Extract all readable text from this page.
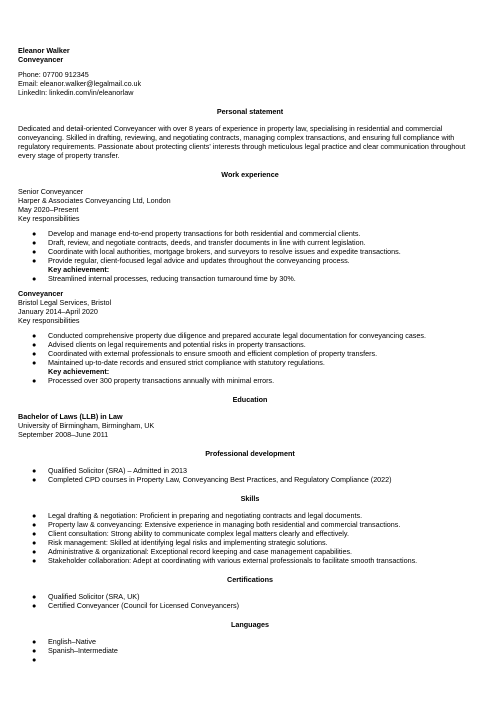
Eleanor Walker
Conveyancer
Phone: 07700 912345
Email: eleanor.walker@legalmail.co.uk
LinkedIn: linkedin.com/in/eleanorlaw
Personal statement
Dedicated and detail-oriented Conveyancer with over 8 years of experience in property law, specialising in residential and commercial conveyancing. Skilled in drafting, reviewing, and negotiating contracts, managing complex transactions, and ensuring full compliance with regulatory requirements. Passionate about protecting clients' interests through meticulous legal practice and clear communication throughout every stage of property transfer.
Work experience
Senior Conveyancer
Harper & Associates Conveyancing Ltd, London
May 2020–Present
Key responsibilities
● Develop and manage end-to-end property transactions for both residential and commercial clients.
● Draft, review, and negotiate contracts, deeds, and transfer documents in line with current legislation.
● Coordinate with local authorities, mortgage brokers, and surveyors to resolve issues and expedite transactions.
● Provide regular, client-focused legal advice and updates throughout the conveyancing process.
Key achievement:
● Streamlined internal processes, reducing transaction turnaround time by 30%.
Conveyancer
Bristol Legal Services, Bristol
January 2014–April 2020
Key responsibilities
● Conducted comprehensive property due diligence and prepared accurate legal documentation for conveyancing cases.
● Advised clients on legal requirements and potential risks in property transactions.
● Coordinated with external professionals to ensure smooth and efficient completion of property transfers.
● Maintained up-to-date records and ensured strict compliance with statutory regulations.
Key achievement:
● Processed over 300 property transactions annually with minimal errors.
Education
Bachelor of Laws (LLB) in Law
University of Birmingham, Birmingham, UK
September 2008–June 2011
Professional development
● Qualified Solicitor (SRA) – Admitted in 2013
● Completed CPD courses in Property Law, Conveyancing Best Practices, and Regulatory Compliance (2022)
Skills
● Legal drafting & negotiation: Proficient in preparing and negotiating contracts and legal documents.
● Property law & conveyancing: Extensive experience in managing both residential and commercial transactions.
● Client consultation: Strong ability to communicate complex legal matters clearly and effectively.
● Risk management: Skilled at identifying legal risks and implementing strategic solutions.
● Administrative & organizational: Exceptional record keeping and case management capabilities.
● Stakeholder collaboration: Adept at coordinating with various external professionals to facilitate smooth transactions.
Certifications
● Qualified Solicitor (SRA, UK)
● Certified Conveyancer (Council for Licensed Conveyancers)
Languages
● English–Native
● Spanish–Intermediate
●
